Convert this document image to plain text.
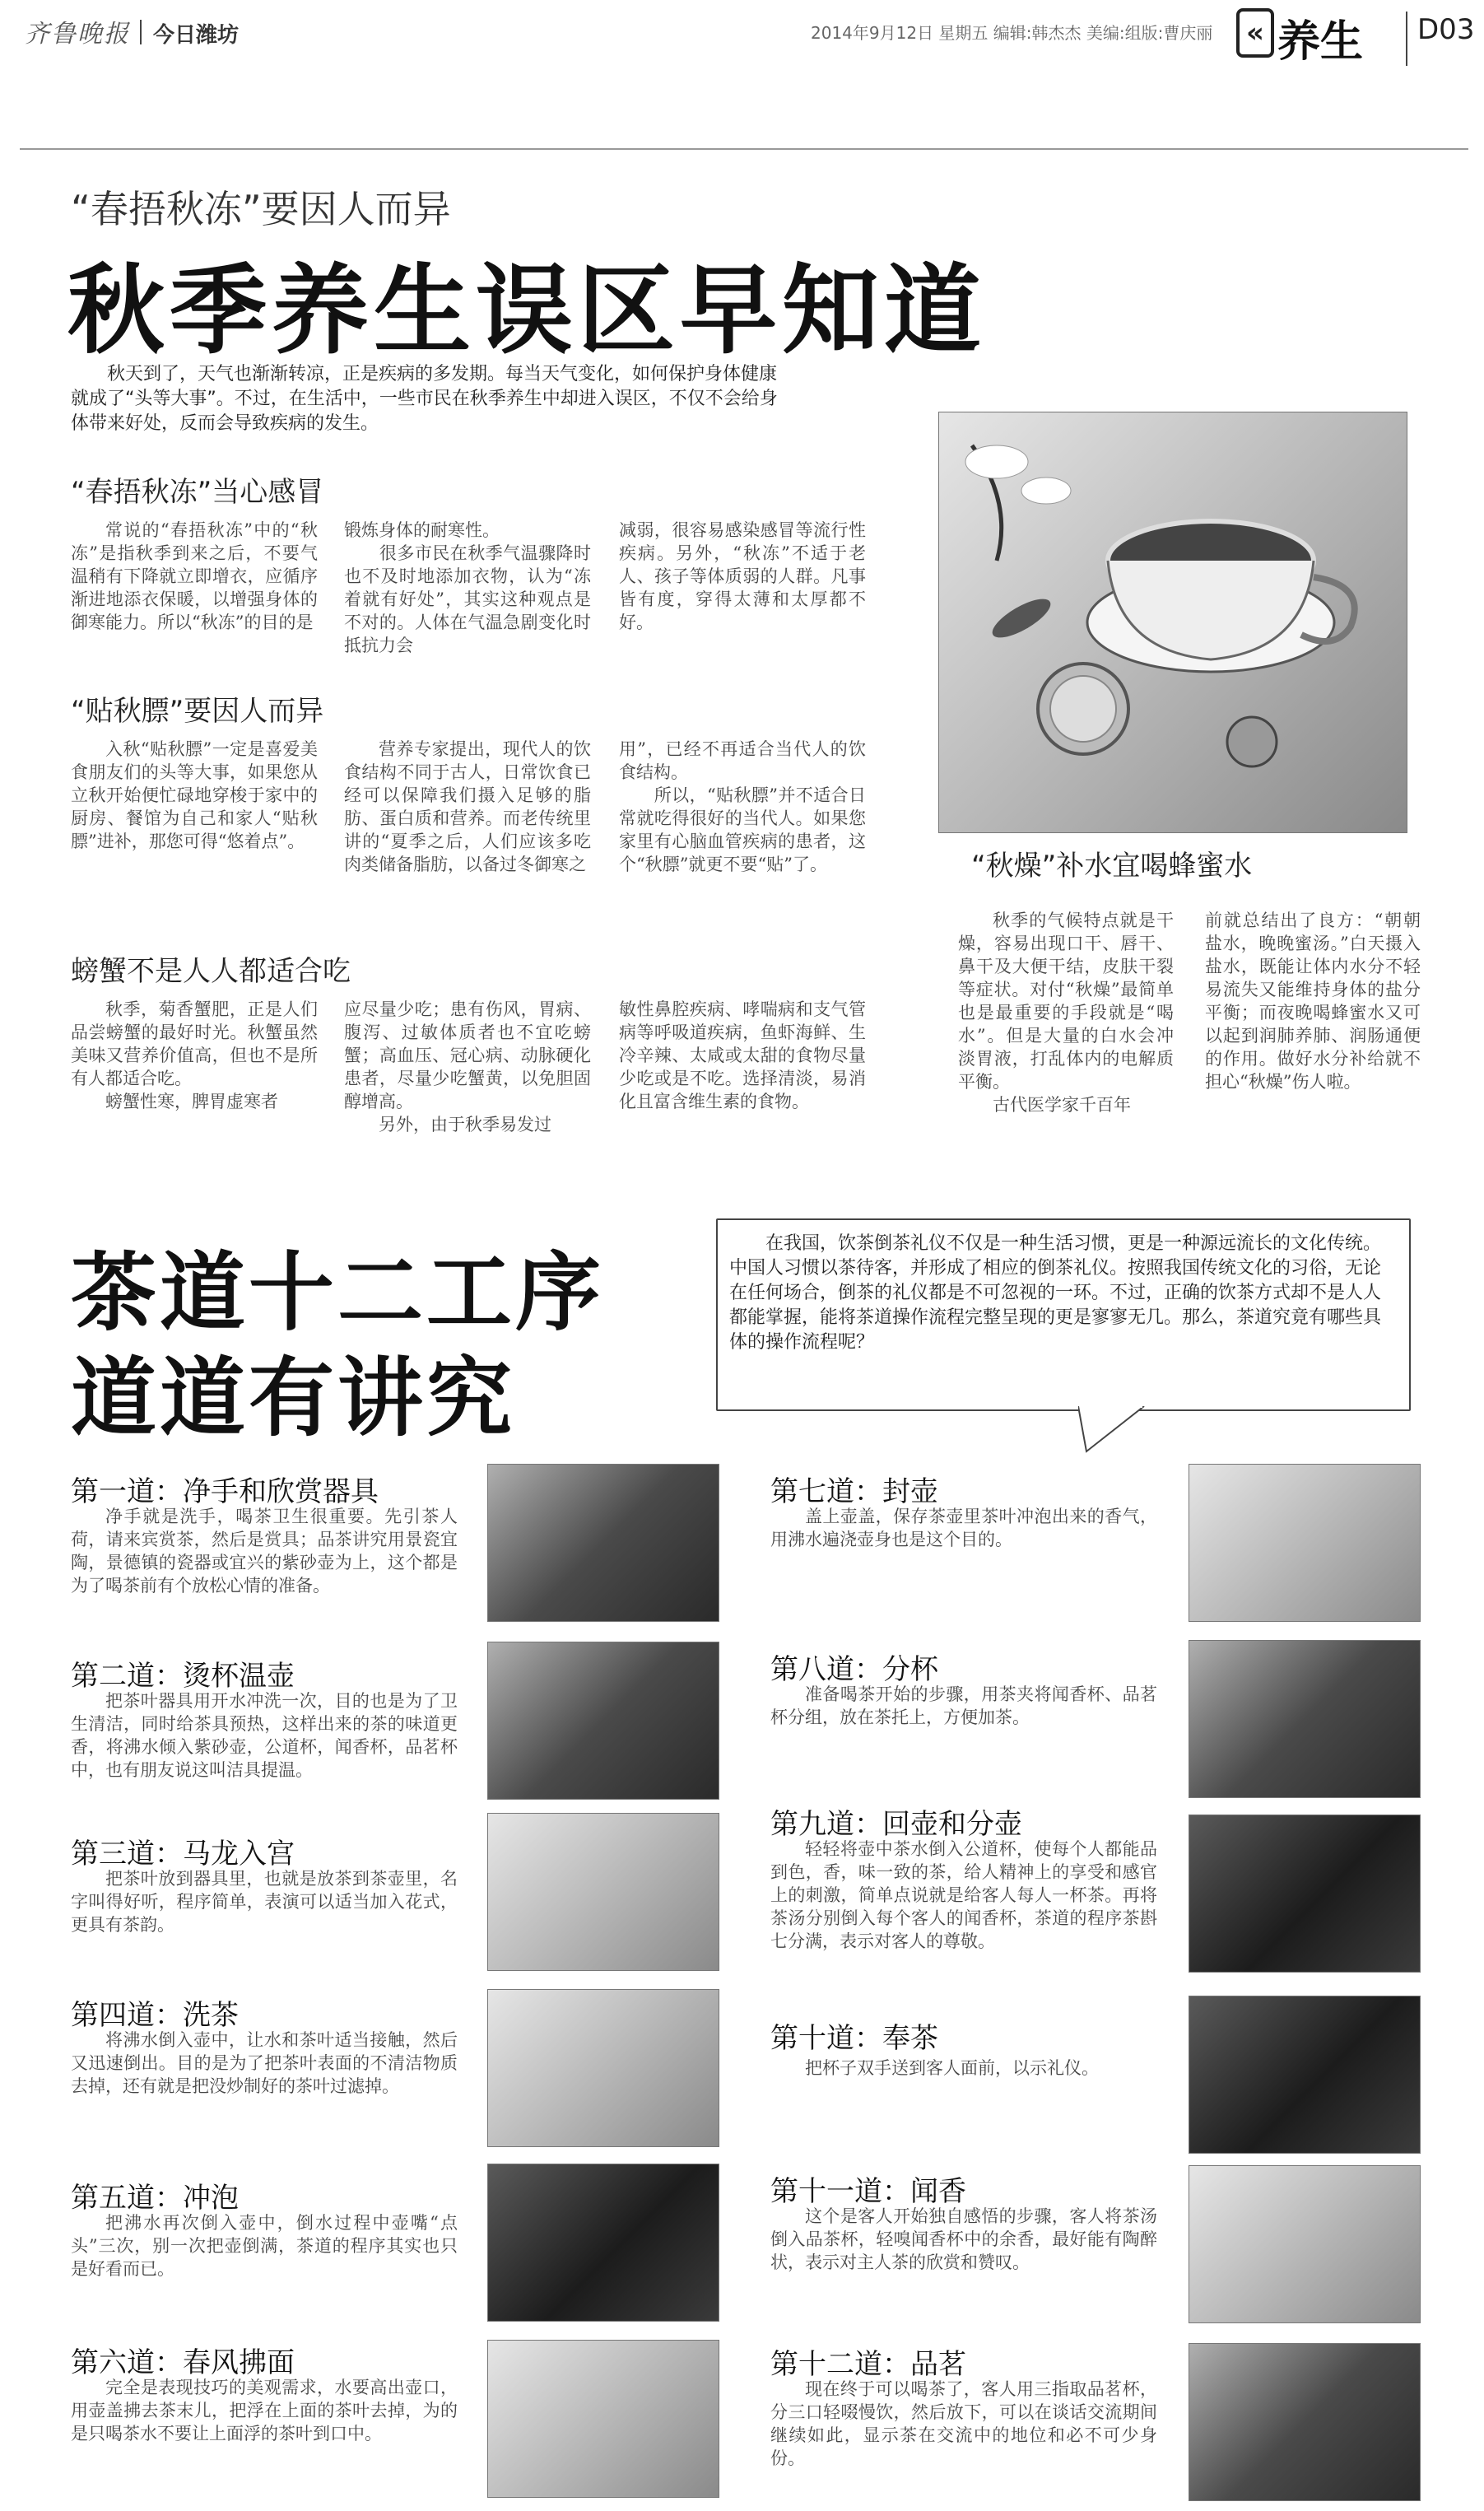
齐鲁晚报 今日潍坊	2014年9月12日 星期五 编辑:韩杰杰 美编:组版:曹庆丽	« 养生 D03
“春捂秋冻”要因人而异
秋季养生误区早知道
秋天到了，天气也渐渐转凉，正是疾病的多发期。每当天气变化，如何保护身体健康就成了“头等大事”。不过，在生活中，一些市民在秋季养生中却进入误区，不仅不会给身体带来好处，反而会导致疾病的发生。
“春捂秋冻”当心感冒
常说的“春捂秋冻”中的“秋冻”是指秋季到来之后，不要气温稍有下降就立即增衣，应循序渐进地添衣保暖，以增强身体的御寒能力。所以“秋冻”的目的是
锻炼身体的耐寒性。
　　很多市民在秋季气温骤降时也不及时地添加衣物，认为“冻着就有好处”，其实这种观点是不对的。人体在气温急剧变化时抵抗力会
减弱，很容易感染感冒等流行性疾病。另外，“秋冻”不适于老人、孩子等体质弱的人群。凡事皆有度，穿得太薄和太厚都不好。
“贴秋膘”要因人而异
入秋“贴秋膘”一定是喜爱美食朋友们的头等大事，如果您从立秋开始便忙碌地穿梭于家中的厨房、餐馆为自己和家人“贴秋膘”进补，那您可得“悠着点”。
营养专家提出，现代人的饮食结构不同于古人，日常饮食已经可以保障我们摄入足够的脂肪、蛋白质和营养。而老传统里讲的“夏季之后，人们应该多吃肉类储备脂肪，以备过冬御寒之
用”，已经不再适合当代人的饮食结构。
　　所以，“贴秋膘”并不适合日常就吃得很好的当代人。如果您家里有心脑血管疾病的患者，这个“秋膘”就更不要“贴”了。
螃蟹不是人人都适合吃
秋季，菊香蟹肥，正是人们品尝螃蟹的最好时光。秋蟹虽然美味又营养价值高，但也不是所有人都适合吃。
　　螃蟹性寒，脾胃虚寒者
应尽量少吃；患有伤风，胃病、腹泻、过敏体质者也不宜吃螃蟹；高血压、冠心病、动脉硬化患者，尽量少吃蟹黄，以免胆固醇增高。
　　另外，由于秋季易发过
敏性鼻腔疾病、哮喘病和支气管病等呼吸道疾病，鱼虾海鲜、生冷辛辣、太咸或太甜的食物尽量少吃或是不吃。选择清淡，易消化且富含维生素的食物。
“秋燥”补水宜喝蜂蜜水
秋季的气候特点就是干燥，容易出现口干、唇干、鼻干及大便干结，皮肤干裂等症状。对付“秋燥”最简单也是最重要的手段就是“喝水”。但是大量的白水会冲淡胃液，打乱体内的电解质平衡。
　　古代医学家千百年
前就总结出了良方：“朝朝盐水，晚晚蜜汤。”白天摄入盐水，既能让体内水分不轻易流失又能维持身体的盐分平衡；而夜晚喝蜂蜜水又可以起到润肺养肺、润肠通便的作用。做好水分补给就不担心“秋燥”伤人啦。
茶道十二工序
道道有讲究
在我国，饮茶倒茶礼仪不仅是一种生活习惯，更是一种源远流长的文化传统。中国人习惯以茶待客，并形成了相应的倒茶礼仪。按照我国传统文化的习俗，无论在任何场合，倒茶的礼仪都是不可忽视的一环。不过，正确的饮茶方式却不是人人都能掌握，能将茶道操作流程完整呈现的更是寥寥无几。那么，茶道究竟有哪些具体的操作流程呢？
第一道：净手和欣赏器具
净手就是洗手，喝茶卫生很重要。先引茶人荷，请来宾赏茶，然后是赏具；品茶讲究用景瓷宜陶，景德镇的瓷器或宜兴的紫砂壶为上，这个都是为了喝茶前有个放松心情的准备。
第二道：烫杯温壶
把茶叶器具用开水冲洗一次，目的也是为了卫生清洁，同时给茶具预热，这样出来的茶的味道更香，将沸水倾入紫砂壶，公道杯，闻香杯，品茗杯中，也有朋友说这叫洁具提温。
第三道：马龙入宫
把茶叶放到器具里，也就是放茶到茶壶里，名字叫得好听，程序简单，表演可以适当加入花式，更具有茶韵。
第四道：洗茶
将沸水倒入壶中，让水和茶叶适当接触，然后又迅速倒出。目的是为了把茶叶表面的不清洁物质去掉，还有就是把没炒制好的茶叶过滤掉。
第五道：冲泡
把沸水再次倒入壶中，倒水过程中壶嘴“点头”三次，别一次把壶倒满，茶道的程序其实也只是好看而已。
第六道：春风拂面
完全是表现技巧的美观需求，水要高出壶口，用壶盖拂去茶末儿，把浮在上面的茶叶去掉，为的是只喝茶水不要让上面浮的茶叶到口中。
第七道：封壶
盖上壶盖，保存茶壶里茶叶冲泡出来的香气，用沸水遍浇壶身也是这个目的。
第八道：分杯
准备喝茶开始的步骤，用茶夹将闻香杯、品茗杯分组，放在茶托上，方便加茶。
第九道：回壶和分壶
轻轻将壶中茶水倒入公道杯，使每个人都能品到色，香，味一致的茶，给人精神上的享受和感官上的刺激，简单点说就是给客人每人一杯茶。再将茶汤分别倒入每个客人的闻香杯，茶道的程序茶斟七分满，表示对客人的尊敬。
第十道：奉茶
把杯子双手送到客人面前，以示礼仪。
第十一道：闻香
这个是客人开始独自感悟的步骤，客人将茶汤倒入品茶杯，轻嗅闻香杯中的余香，最好能有陶醉状，表示对主人茶的欣赏和赞叹。
第十二道：品茗
现在终于可以喝茶了，客人用三指取品茗杯，分三口轻啜慢饮，然后放下，可以在谈话交流期间继续如此，显示茶在交流中的地位和必不可少身份。
